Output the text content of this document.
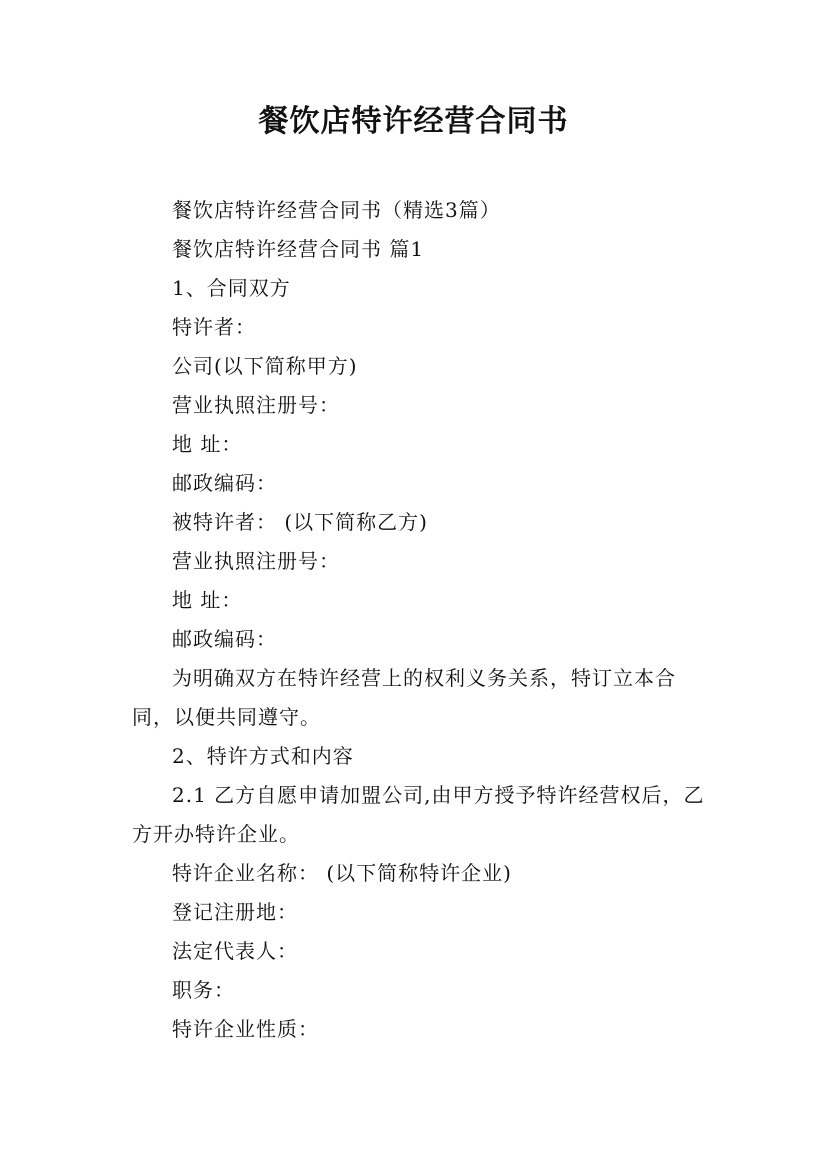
餐饮店特许经营合同书

餐饮店特许经营合同书（精选3篇）

餐饮店特许经营合同书 篇1

1、合同双方

特许者：

公司(以下简称甲方)

营业执照注册号：

地 址：

邮政编码：

被特许者： (以下简称乙方)

营业执照注册号：

地 址：

邮政编码：

为明确双方在特许经营上的权利义务关系，特订立本合同，以便共同遵守。

2、特许方式和内容

2.1 乙方自愿申请加盟公司,由甲方授予特许经营权后，乙方开办特许企业。

特许企业名称： (以下简称特许企业)

登记注册地：

法定代表人：

职务：

特许企业性质：
